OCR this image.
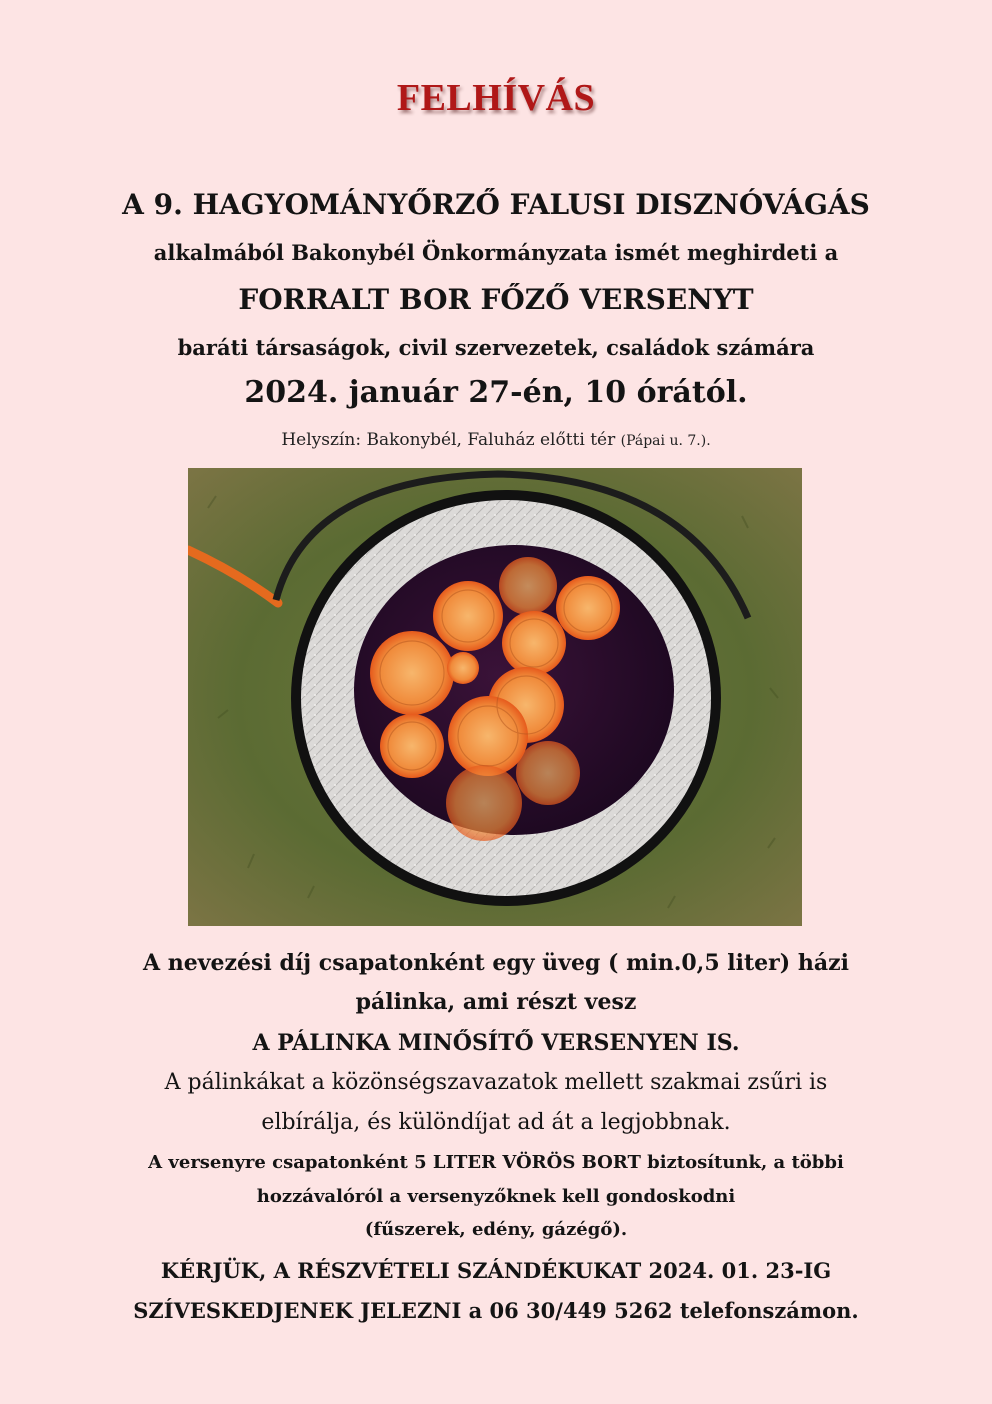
FELHÍVÁS
A 9. HAGYOMÁNYŐRZŐ FALUSI DISZNÓVÁGÁS
alkalmából Bakonybél Önkormányzata ismét meghirdeti a
FORRALT BOR FŐZŐ VERSENYT
baráti társaságok, civil szervezetek, családok számára
2024. január 27-én, 10 órától.
Helyszín: Bakonybél, Faluház előtti tér (Pápai u. 7.).
A nevezési díj csapatonként egy üveg ( min.0,5 liter) házi
pálinka, ami részt vesz
A PÁLINKA MINŐSÍTŐ VERSENYEN IS.
A pálinkákat a közönségszavazatok mellett szakmai zsűri is
elbírálja, és különdíjat ad át a legjobbnak.
A versenyre csapatonként 5 LITER VÖRÖS BORT biztosítunk, a többi
hozzávalóról a versenyzőknek kell gondoskodni
(fűszerek, edény, gázégő).
KÉRJÜK, A RÉSZVÉTELI SZÁNDÉKUKAT 2024. 01. 23-IG
SZÍVESKEDJENEK JELEZNI a 06 30/449 5262 telefonszámon.
